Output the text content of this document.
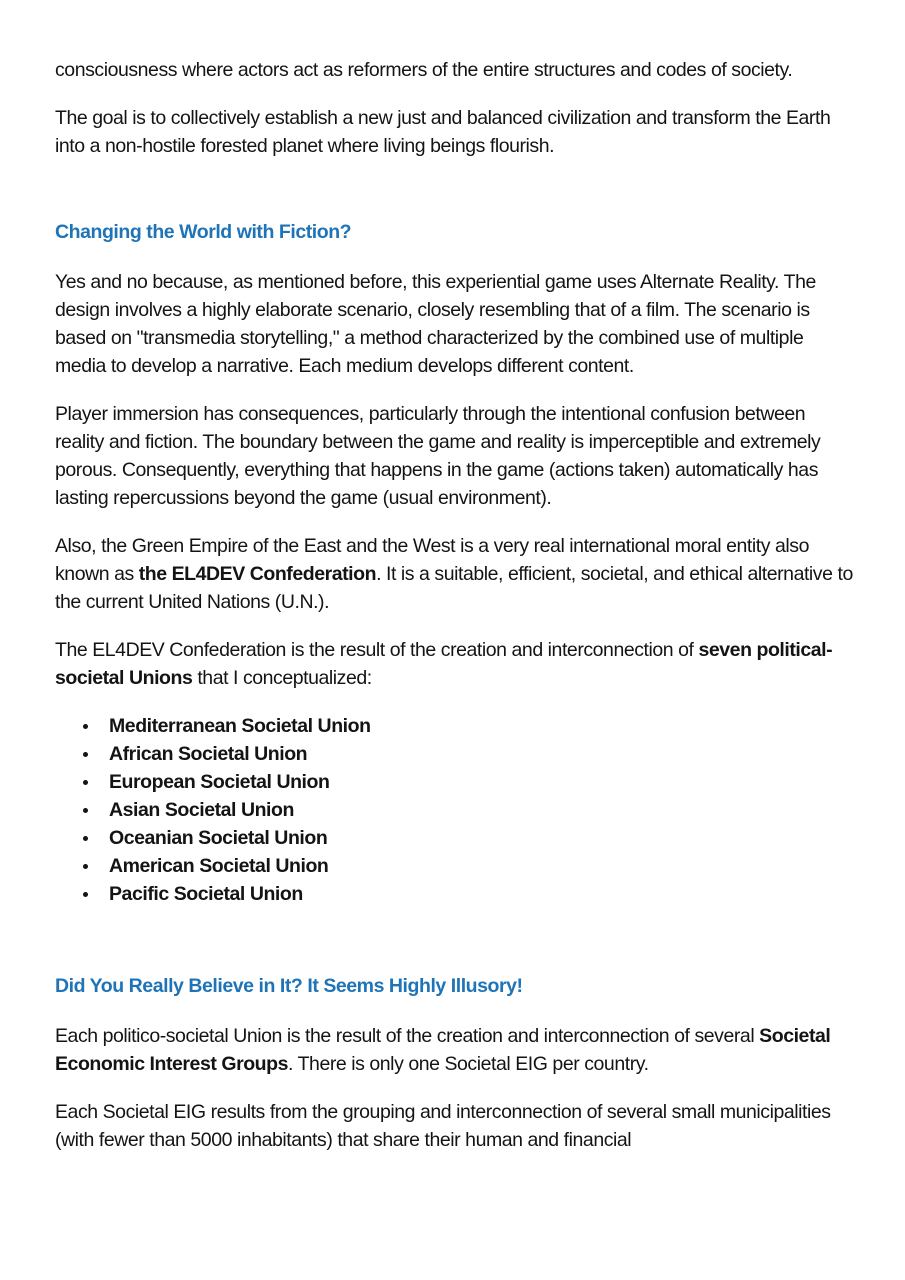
consciousness where actors act as reformers of the entire structures and codes of society.

The goal is to collectively establish a new just and balanced civilization and transform the Earth into a non-hostile forested planet where living beings flourish.

Changing the World with Fiction?

Yes and no because, as mentioned before, this experiential game uses Alternate Reality. The design involves a highly elaborate scenario, closely resembling that of a film. The scenario is based on "transmedia storytelling," a method characterized by the combined use of multiple media to develop a narrative. Each medium develops different content.

Player immersion has consequences, particularly through the intentional confusion between reality and fiction. The boundary between the game and reality is imperceptible and extremely porous. Consequently, everything that happens in the game (actions taken) automatically has lasting repercussions beyond the game (usual environment).

Also, the Green Empire of the East and the West is a very real international moral entity also known as the EL4DEV Confederation. It is a suitable, efficient, societal, and ethical alternative to the current United Nations (U.N.).

The EL4DEV Confederation is the result of the creation and interconnection of seven political-societal Unions that I conceptualized:

Mediterranean Societal Union
African Societal Union
European Societal Union
Asian Societal Union
Oceanian Societal Union
American Societal Union
Pacific Societal Union
Did You Really Believe in It? It Seems Highly Illusory!

Each politico-societal Union is the result of the creation and interconnection of several Societal Economic Interest Groups. There is only one Societal EIG per country.

Each Societal EIG results from the grouping and interconnection of several small municipalities (with fewer than 5000 inhabitants) that share their human and financial
